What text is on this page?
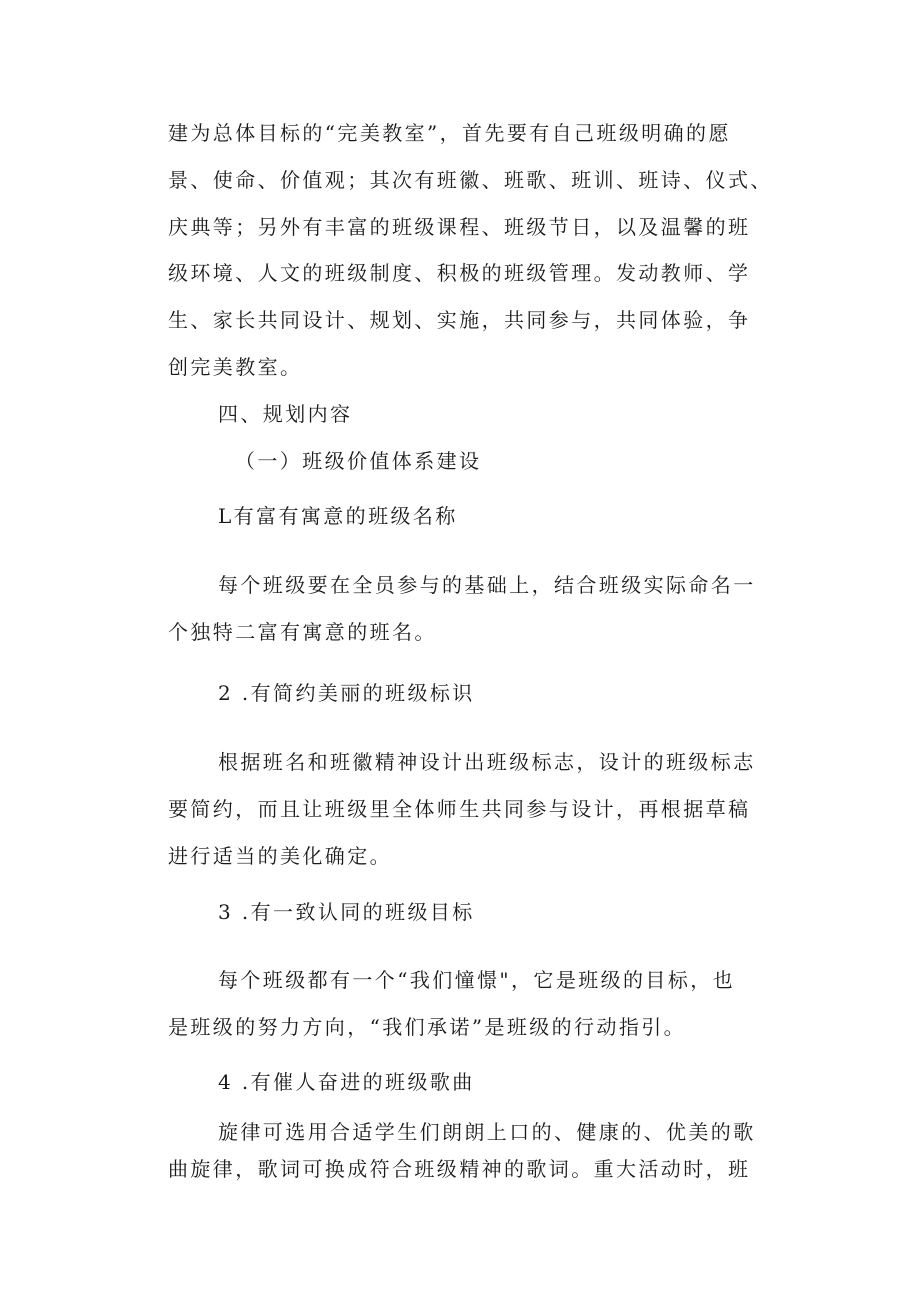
建为总体目标的“完美教室”，首先要有自己班级明确的愿
景、使命、价值观；其次有班徽、班歌、班训、班诗、仪式、
庆典等；另外有丰富的班级课程、班级节日，以及温馨的班
级环境、人文的班级制度、积极的班级管理。发动教师、学
生、家长共同设计、规划、实施，共同参与，共同体验，争
创完美教室。
四、规划内容
（一）班级价值体系建设
L有富有寓意的班级名称
每个班级要在全员参与的基础上，结合班级实际命名一
个独特二富有寓意的班名。
2 .有简约美丽的班级标识
根据班名和班徽精神设计出班级标志，设计的班级标志
要简约，而且让班级里全体师生共同参与设计，再根据草稿
进行适当的美化确定。
3 .有一致认同的班级目标
每个班级都有一个“我们憧憬"，它是班级的目标，也
是班级的努力方向，“我们承诺”是班级的行动指引。
4 .有催人奋进的班级歌曲
旋律可选用合适学生们朗朗上口的、健康的、优美的歌
曲旋律，歌词可换成符合班级精神的歌词。重大活动时，班
